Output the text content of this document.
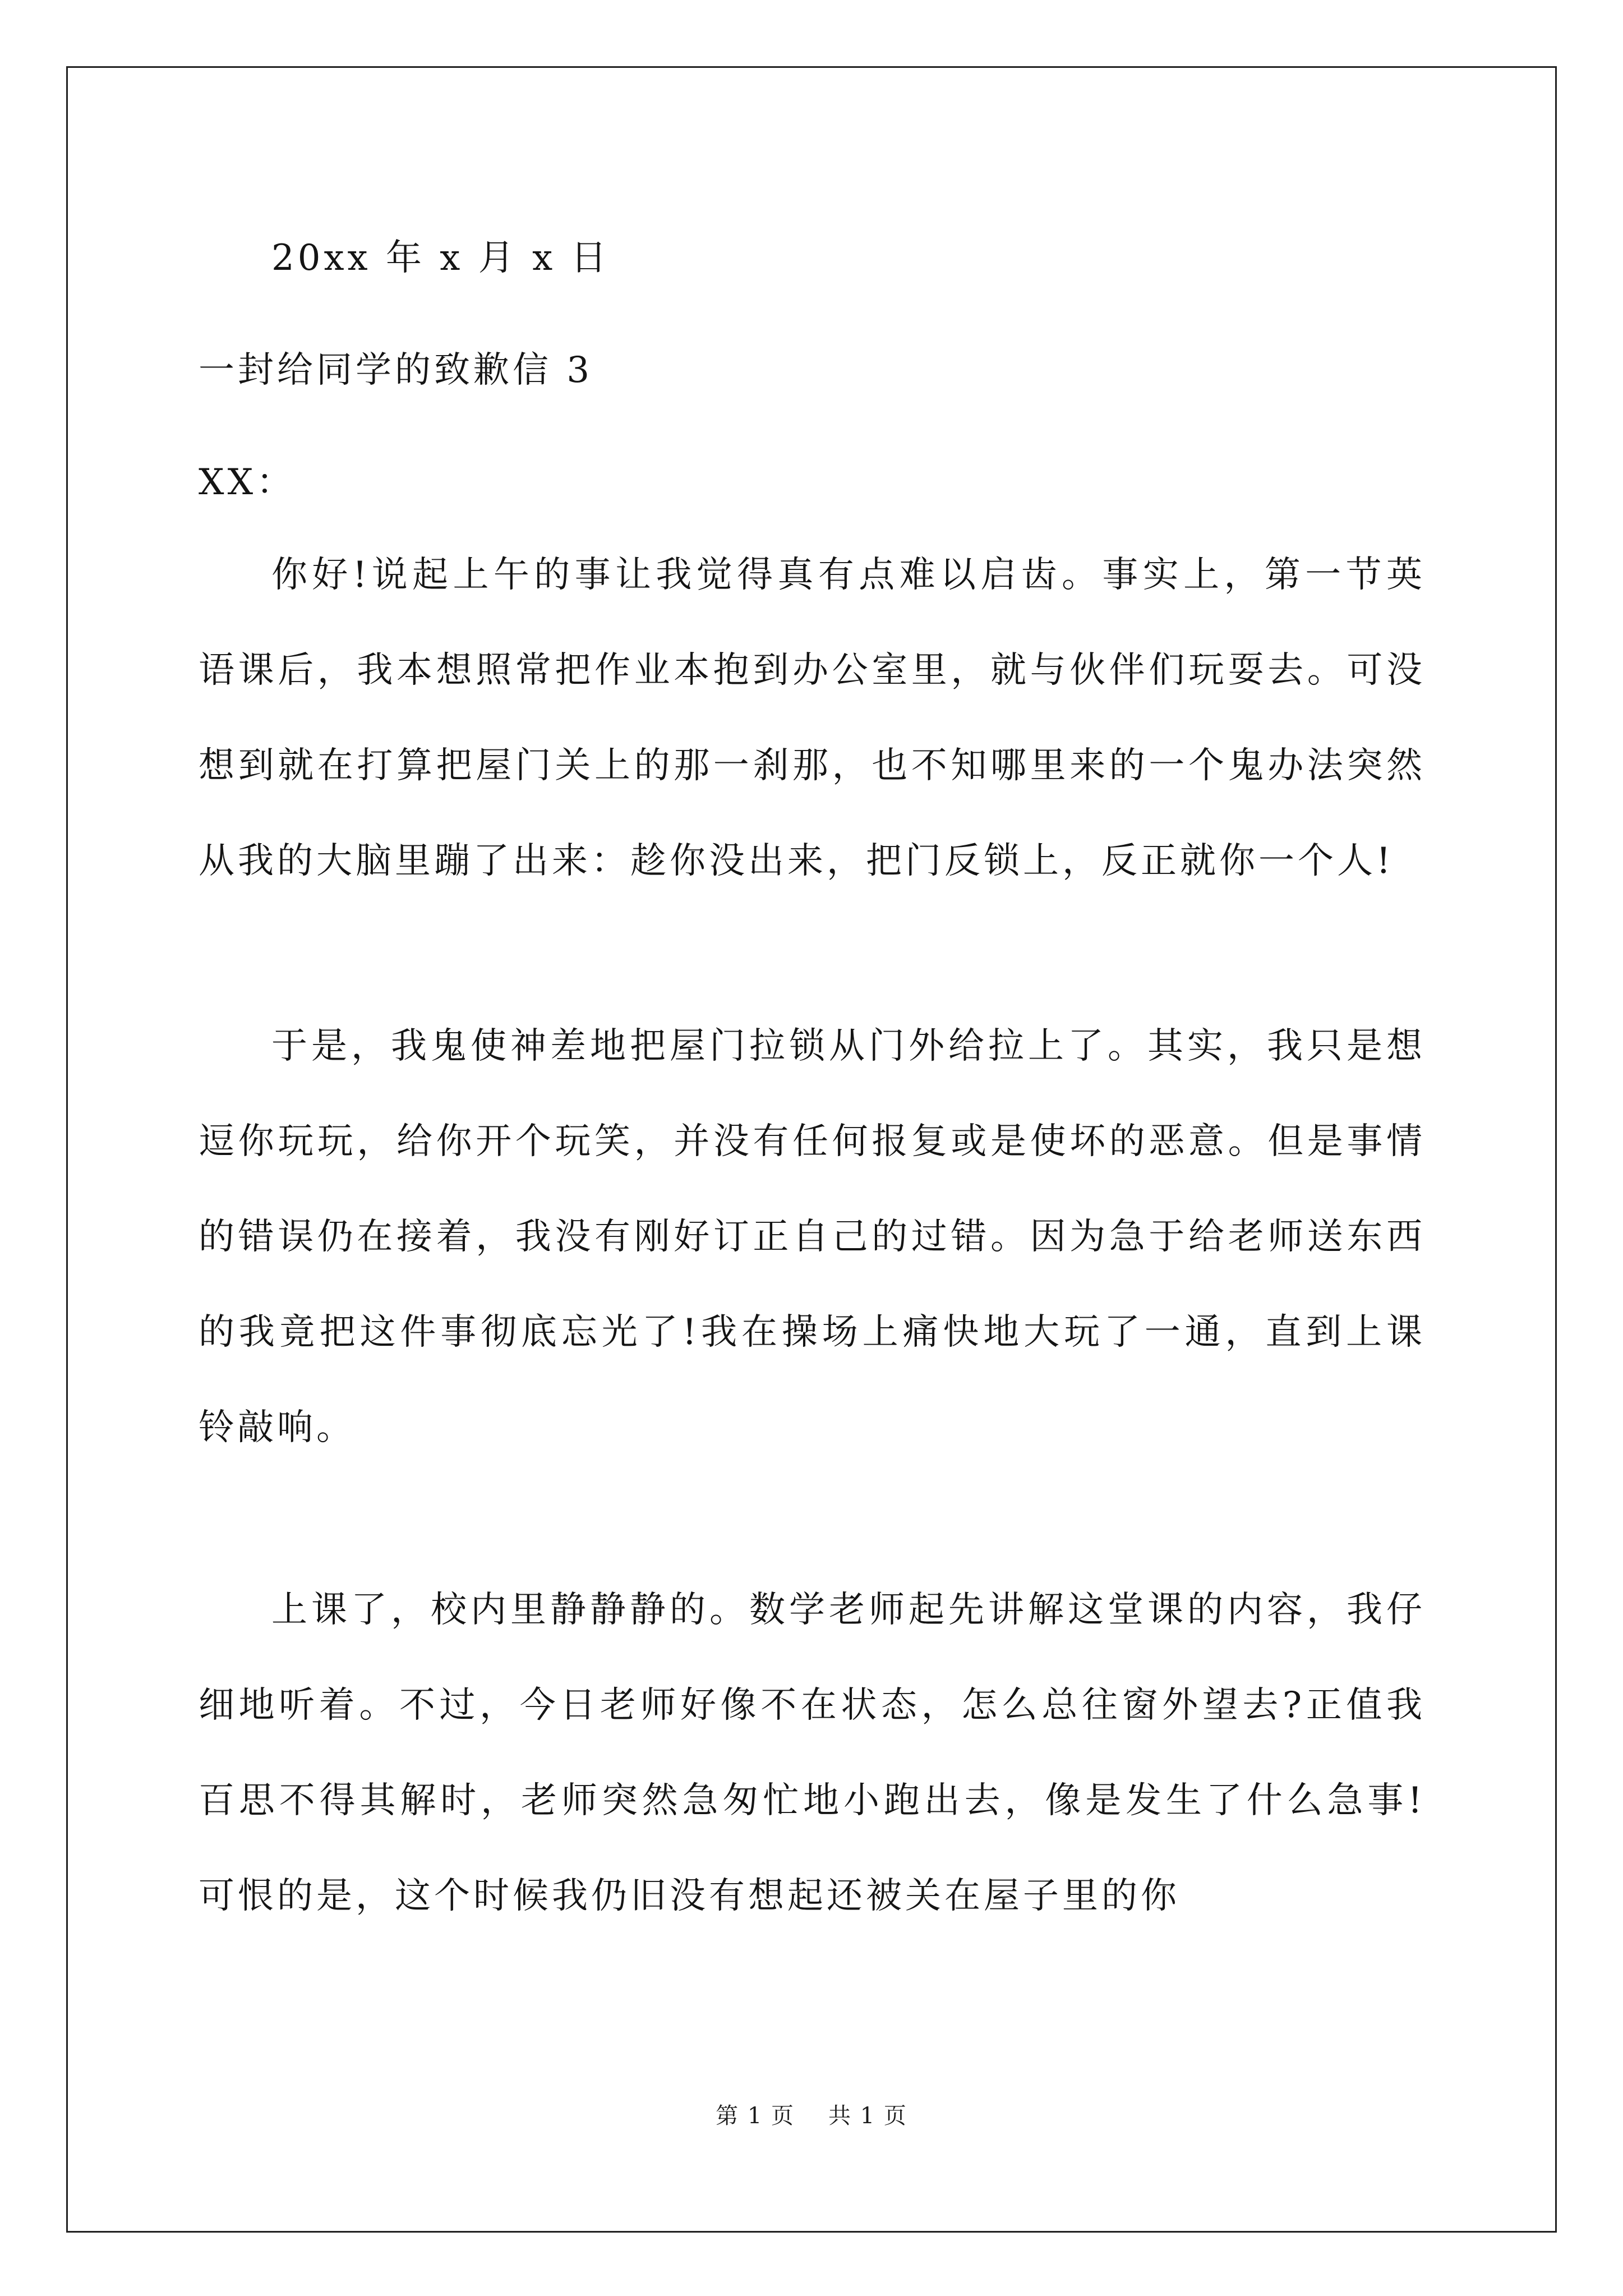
20xx 年 x 月 x 日
一封给同学的致歉信 3
XX：
你好!说起上午的事让我觉得真有点难以启齿。事实上，第一节英语课后，我本想照常把作业本抱到办公室里，就与伙伴们玩耍去。可没想到就在打算把屋门关上的那一刹那，也不知哪里来的一个鬼办法突然从我的大脑里蹦了出来：趁你没出来，把门反锁上，反正就你一个人!
于是，我鬼使神差地把屋门拉锁从门外给拉上了。其实，我只是想逗你玩玩，给你开个玩笑，并没有任何报复或是使坏的恶意。但是事情的错误仍在接着，我没有刚好订正自己的过错。因为急于给老师送东西的我竟把这件事彻底忘光了!我在操场上痛快地大玩了一通，直到上课铃敲响。
上课了，校内里静静静的。数学老师起先讲解这堂课的内容，我仔细地听着。不过，今日老师好像不在状态，怎么总往窗外望去?正值我百思不得其解时，老师突然急匆忙地小跑出去，像是发生了什么急事!可恨的是，这个时候我仍旧没有想起还被关在屋子里的你
第 1 页 共 1 页
